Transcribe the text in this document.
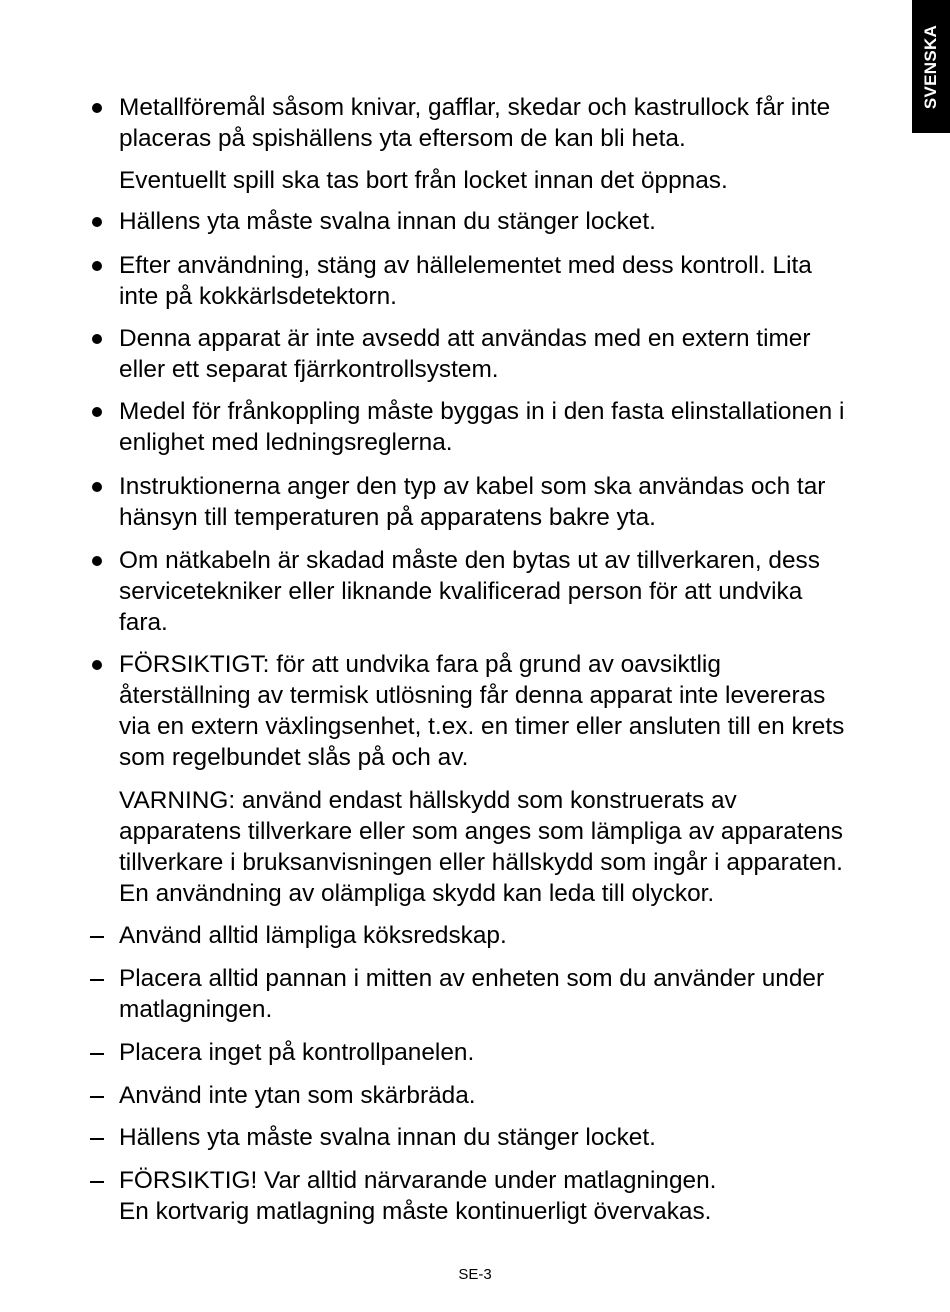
SVENSKA
Metallföremål såsom knivar, gafflar, skedar och kastrullock får inte
placeras på spishällens yta eftersom de kan bli heta.
Eventuellt spill ska tas bort från locket innan det öppnas.
Hällens yta måste svalna innan du stänger locket.
Efter användning, stäng av hällelementet med dess kontroll. Lita
inte på kokkärlsdetektorn.
Denna apparat är inte avsedd att användas med en extern timer
eller ett separat fjärrkontrollsystem.
Medel för frånkoppling måste byggas in i den fasta elinstallationen i
enlighet med ledningsreglerna.
Instruktionerna anger den typ av kabel som ska användas och tar
hänsyn till temperaturen på apparatens bakre yta.
Om nätkabeln är skadad måste den bytas ut av tillverkaren, dess
servicetekniker eller liknande kvalificerad person för att undvika
fara.
FÖRSIKTIGT: för att undvika fara på grund av oavsiktlig
återställning av termisk utlösning får denna apparat inte levereras
via en extern växlingsenhet, t.ex. en timer eller ansluten till en krets
som regelbundet slås på och av.
VARNING: använd endast hällskydd som konstruerats av
apparatens tillverkare eller som anges som lämpliga av apparatens
tillverkare i bruksanvisningen eller hällskydd som ingår i apparaten.
En användning av olämpliga skydd kan leda till olyckor.
Använd alltid lämpliga köksredskap.
Placera alltid pannan i mitten av enheten som du använder under
matlagningen.
Placera inget på kontrollpanelen.
Använd inte ytan som skärbräda.
Hällens yta måste svalna innan du stänger locket.
FÖRSIKTIG! Var alltid närvarande under matlagningen.
En kortvarig matlagning måste kontinuerligt övervakas.
SE-3
